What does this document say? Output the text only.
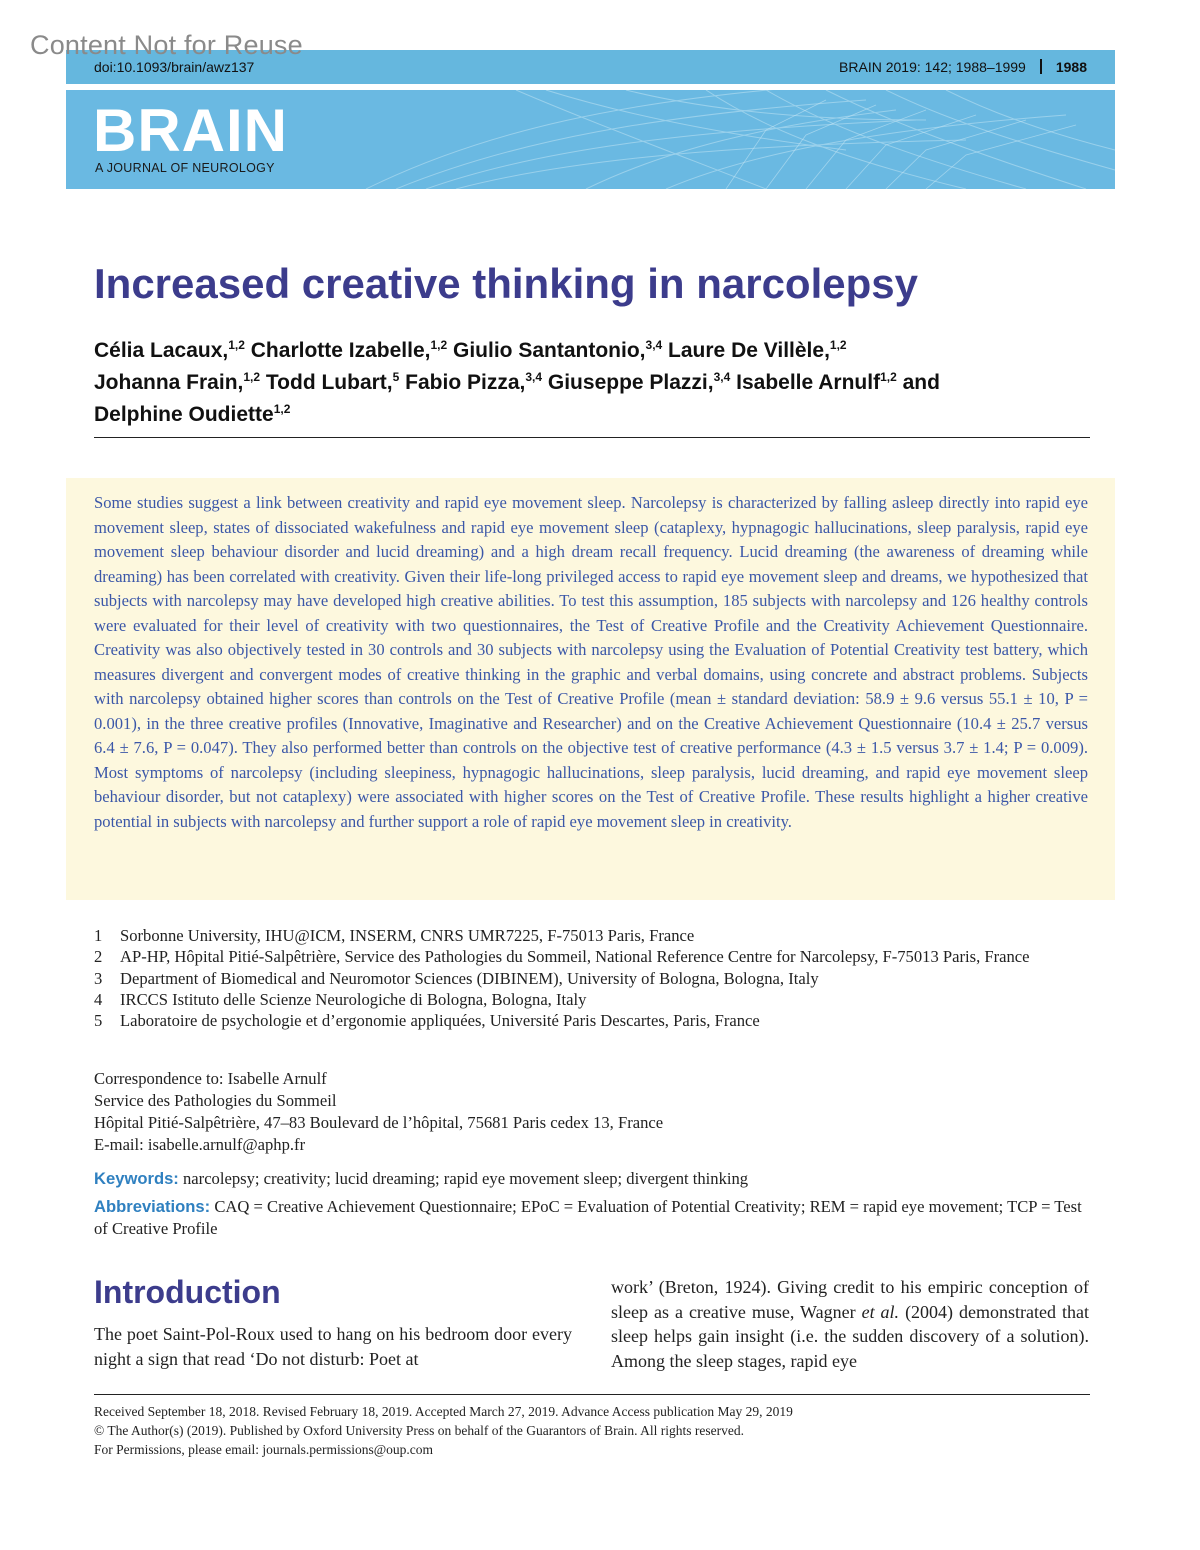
Content Not for Reuse
doi:10.1093/brain/awz137	BRAIN 2019: 142; 1988–1999 1988
BRAIN
A JOURNAL OF NEUROLOGY
Increased creative thinking in narcolepsy

Célia Lacaux,$^{1,2}$ Charlotte Izabelle,$^{1,2}$ Giulio Santantonio,$^{3,4}$ Laure De Villèle,$^{1,2}$
Johanna Frain,$^{1,2}$ Todd Lubart,$^5$ Fabio Pizza,$^{3,4}$ Giuseppe Plazzi,$^{3,4}$ Isabelle Arnulf$^{1,2}$ and
Delphine Oudiette$^{1,2}$

Some studies suggest a link between creativity and rapid eye movement sleep. Narcolepsy is characterized by falling asleep directly into rapid eye movement sleep, states of dissociated wakefulness and rapid eye movement sleep (cataplexy, hypnagogic hallucinations, sleep paralysis, rapid eye movement sleep behaviour disorder and lucid dreaming) and a high dream recall frequency. Lucid dreaming (the awareness of dreaming while dreaming) has been correlated with creativity. Given their life-long privileged access to rapid eye movement sleep and dreams, we hypothesized that subjects with narcolepsy may have developed high creative abilities. To test this assumption, 185 subjects with narcolepsy and 126 healthy controls were evaluated for their level of creativity with two questionnaires, the Test of Creative Profile and the Creativity Achievement Questionnaire. Creativity was also objectively tested in 30 controls and 30 subjects with narcolepsy using the Evaluation of Potential Creativity test battery, which measures divergent and convergent modes of creative thinking in the graphic and verbal domains, using concrete and abstract problems. Subjects with narcolepsy obtained higher scores than controls on the Test of Creative Profile (mean ± standard deviation: 58.9 ± 9.6 versus 55.1 ± 10, P = 0.001), in the three creative profiles (Innovative, Imaginative and Researcher) and on the Creative Achievement Questionnaire (10.4 ± 25.7 versus 6.4 ± 7.6, P = 0.047). They also performed better than controls on the objective test of creative performance (4.3 ± 1.5 versus 3.7 ± 1.4; P = 0.009). Most symptoms of narcolepsy (including sleepiness, hypnagogic hallucinations, sleep paralysis, lucid dreaming, and rapid eye movement sleep behaviour disorder, but not cataplexy) were associated with higher scores on the Test of Creative Profile. These results highlight a higher creative potential in subjects with narcolepsy and further support a role of rapid eye movement sleep in creativity.

1	Sorbonne University, IHU@ICM, INSERM, CNRS UMR7225, F-75013 Paris, France
2	AP-HP, Hôpital Pitié-Salpêtrière, Service des Pathologies du Sommeil, National Reference Centre for Narcolepsy, F-75013 Paris, France
3	Department of Biomedical and Neuromotor Sciences (DIBINEM), University of Bologna, Bologna, Italy
4	IRCCS Istituto delle Scienze Neurologiche di Bologna, Bologna, Italy
5	Laboratoire de psychologie et d’ergonomie appliquées, Université Paris Descartes, Paris, France
Correspondence to: Isabelle Arnulf
Service des Pathologies du Sommeil
Hôpital Pitié-Salpêtrière, 47–83 Boulevard de l’hôpital, 75681 Paris cedex 13, France
E-mail: isabelle.arnulf@aphp.fr
Keywords: narcolepsy; creativity; lucid dreaming; rapid eye movement sleep; divergent thinking
Abbreviations: CAQ = Creative Achievement Questionnaire; EPoC = Evaluation of Potential Creativity; REM = rapid eye movement; TCP = Test of Creative Profile
Introduction

The poet Saint-Pol-Roux used to hang on his bedroom door every night a sign that read ‘Do not disturb: Poet at

work’ (Breton, 1924). Giving credit to his empiric conception of sleep as a creative muse, Wagner et al. (2004) demonstrated that sleep helps gain insight (i.e. the sudden discovery of a solution). Among the sleep stages, rapid eye

Received September 18, 2018. Revised February 18, 2019. Accepted March 27, 2019. Advance Access publication May 29, 2019
© The Author(s) (2019). Published by Oxford University Press on behalf of the Guarantors of Brain. All rights reserved.
For Permissions, please email: journals.permissions@oup.com
